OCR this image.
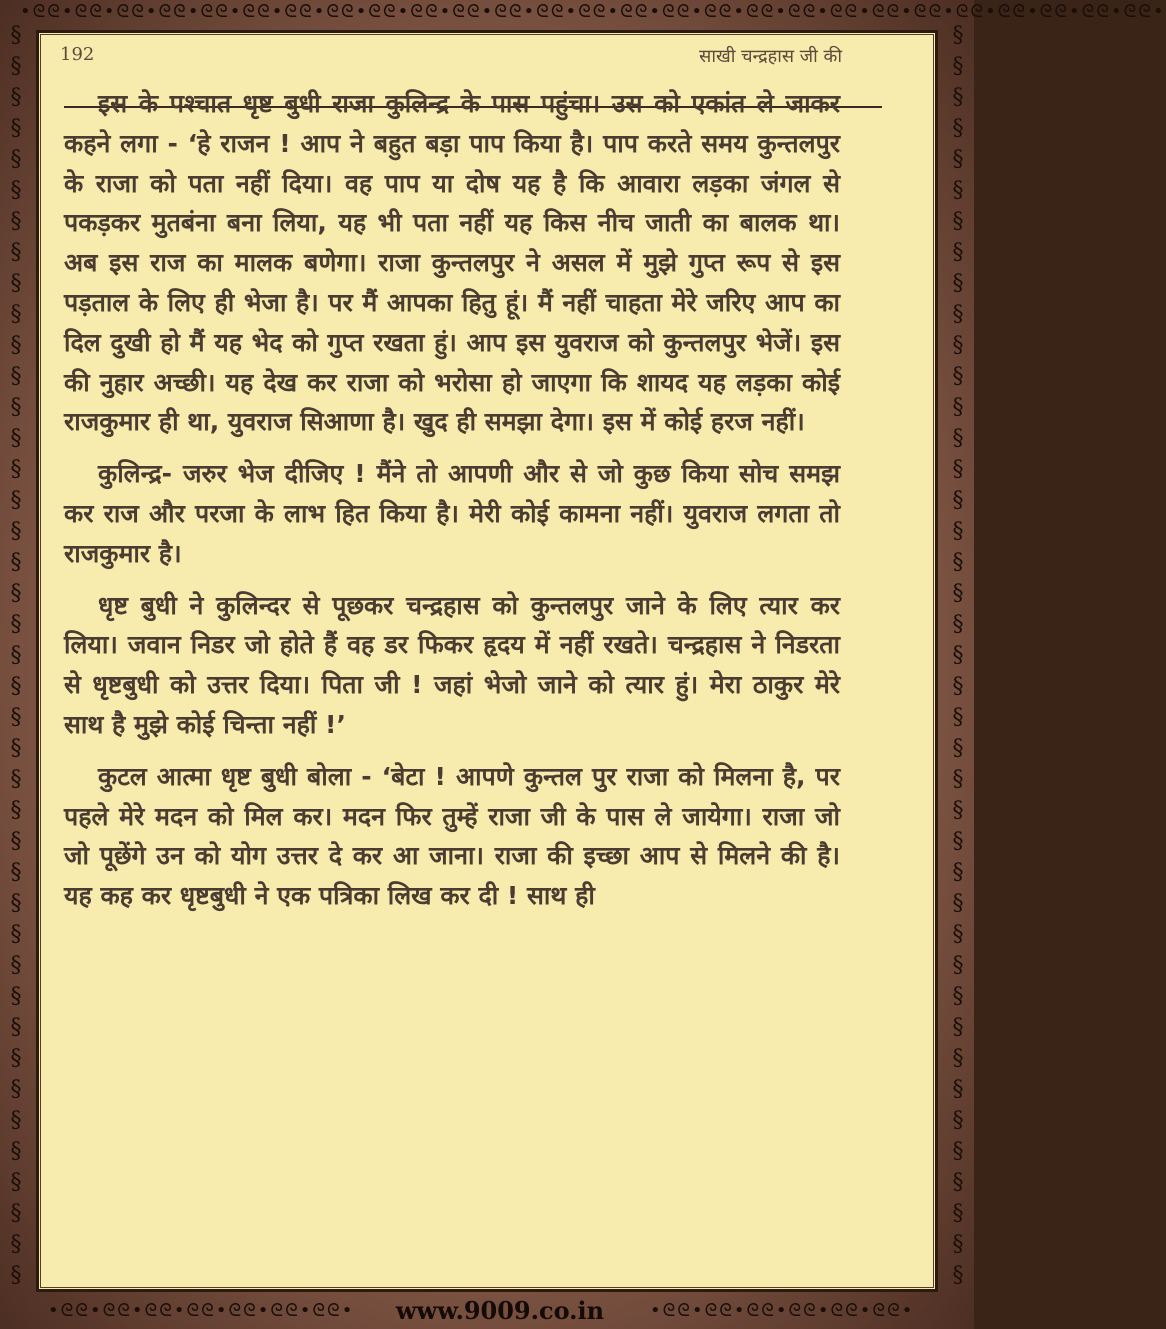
•ᘓᘓ•ᘓᘓ•ᘓᘓ•ᘓᘓ•ᘓᘓ•ᘓᘓ•ᘓᘓ•ᘓᘓ•ᘓᘓ•ᘓᘓ•ᘓᘓ•ᘓᘓ•ᘓᘓ•ᘓᘓ•ᘓᘓ•ᘓᘓ•ᘓᘓ•ᘓᘓ•ᘓᘓ•ᘓᘓ•ᘓᘓ•ᘓᘓ•ᘓᘓ•ᘓᘓ•ᘓᘓ•ᘓᘓ•ᘓᘓ•
§
§
§
§
§
§
§
§
§
§
§
§
§
§
§
§
§
§
§
§
§
§
§
§
§
§
§
§
§
§
§
§
§
§
§
§
§
§
§
§
§
§
§
§
§
§
§
§
§
§
§
§
§
§
§
§
§
§
§
§
§
§
§
§
§
§
§
§
§
§
§
§
§
§
§
§
§
§
§
§
§
§
192	साखी चन्द्रहास जी की

इस के पश्चात धृष्ट बुधी राजा कुलिन्द्र के पास पहुंचा। उस को एकांत ले जाकर कहने लगा - ‘हे राजन ! आप ने बहुत बड़ा पाप किया है। पाप करते समय कुन्तलपुर के राजा को पता नहीं दिया। वह पाप या दोष यह है कि आवारा लड़का जंगल से पकड़कर मुतबंना बना लिया, यह भी पता नहीं यह किस नीच जाती का बालक था। अब इस राज का मालक बणेगा। राजा कुन्तलपुर ने असल में मुझे गुप्त रूप से इस पड़ताल के लिए ही भेजा है। पर मैं आपका हितु हूं। मैं नहीं चाहता मेरे जरिए आप का दिल दुखी हो मैं यह भेद को गुप्त रखता हुं। आप इस युवराज को कुन्तलपुर भेजें। इस की नुहार अच्छी। यह देख कर राजा को भरोसा हो जाएगा कि शायद यह लड़का कोई राजकुमार ही था, युवराज सिआणा है। खुद ही समझा देगा। इस में कोई हरज नहीं।

कुलिन्द्र- जरुर भेज दीजिए ! मैंने तो आपणी और से जो कुछ किया सोच समझ कर राज और परजा के लाभ हित किया है। मेरी कोई कामना नहीं। युवराज लगता तो राजकुमार है।

धृष्ट बुधी ने कुलिन्दर से पूछकर चन्द्रहास को कुन्तलपुर जाने के लिए त्यार कर लिया। जवान निडर जो होते हैं वह डर फिकर हृदय में नहीं रखते। चन्द्रहास ने निडरता से धृष्टबुधी को उत्तर दिया। पिता जी ! जहां भेजो जाने को त्यार हुं। मेरा ठाकुर मेरे साथ है मुझे कोई चिन्ता नहीं !’

कुटल आत्मा धृष्ट बुधी बोला - ‘बेटा ! आपणे कुन्तल पुर राजा को मिलना है, पर पहले मेरे मदन को मिल कर। मदन फिर तुम्हें राजा जी के पास ले जायेगा। राजा जो जो पूछेंगे उन को योग उत्तर दे कर आ जाना। राजा की इच्छा आप से मिलने की है। यह कह कर धृष्टबुधी ने एक पत्रिका लिख कर दी ! साथ ही

•ᘓᘓ•ᘓᘓ•ᘓᘓ•ᘓᘓ•ᘓᘓ•ᘓᘓ•ᘓᘓ•	www.9009.co.in	•ᘓᘓ•ᘓᘓ•ᘓᘓ•ᘓᘓ•ᘓᘓ•ᘓᘓ•
